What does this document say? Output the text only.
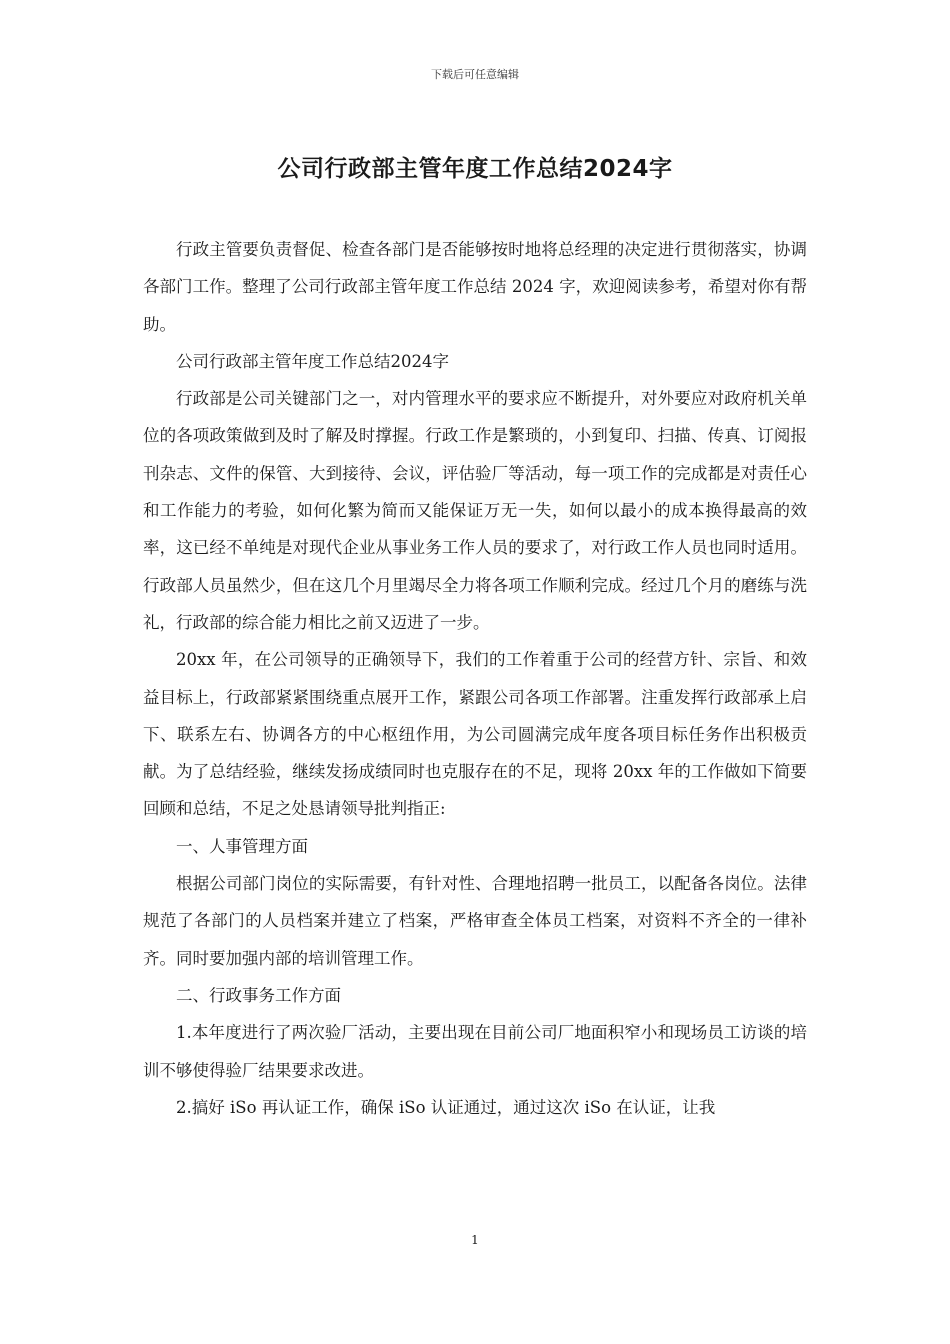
下载后可任意编辑
公司行政部主管年度工作总结2024字

行政主管要负责督促、检查各部门是否能够按时地将总经理的决定进行贯彻落实，协调各部门工作。整理了公司行政部主管年度工作总结 2024 字，欢迎阅读参考，希望对你有帮助。

公司行政部主管年度工作总结2024字

行政部是公司关键部门之一，对内管理水平的要求应不断提升，对外要应对政府机关单位的各项政策做到及时了解及时撑握。行政工作是繁琐的，小到复印、扫描、传真、订阅报刊杂志、文件的保管、大到接待、会议，评估验厂等活动，每一项工作的完成都是对责任心和工作能力的考验，如何化繁为简而又能保证万无一失，如何以最小的成本换得最高的效率，这已经不单纯是对现代企业从事业务工作人员的要求了，对行政工作人员也同时适用。行政部人员虽然少，但在这几个月里竭尽全力将各项工作顺利完成。经过几个月的磨练与洗礼，行政部的综合能力相比之前又迈进了一步。

20xx 年，在公司领导的正确领导下，我们的工作着重于公司的经营方针、宗旨、和效益目标上，行政部紧紧围绕重点展开工作，紧跟公司各项工作部署。注重发挥行政部承上启下、联系左右、协调各方的中心枢纽作用，为公司圆满完成年度各项目标任务作出积极贡献。为了总结经验，继续发扬成绩同时也克服存在的不足，现将 20xx 年的工作做如下简要回顾和总结，不足之处恳请领导批判指正:

一、人事管理方面

根据公司部门岗位的实际需要，有针对性、合理地招聘一批员工，以配备各岗位。法律规范了各部门的人员档案并建立了档案，严格审查全体员工档案，对资料不齐全的一律补齐。同时要加强内部的培训管理工作。

二、行政事务工作方面

1.本年度进行了两次验厂活动，主要出现在目前公司厂地面积窄小和现场员工访谈的培训不够使得验厂结果要求改进。

2.搞好 iSo 再认证工作，确保 iSo 认证通过，通过这次 iSo 在认证，让我

1
